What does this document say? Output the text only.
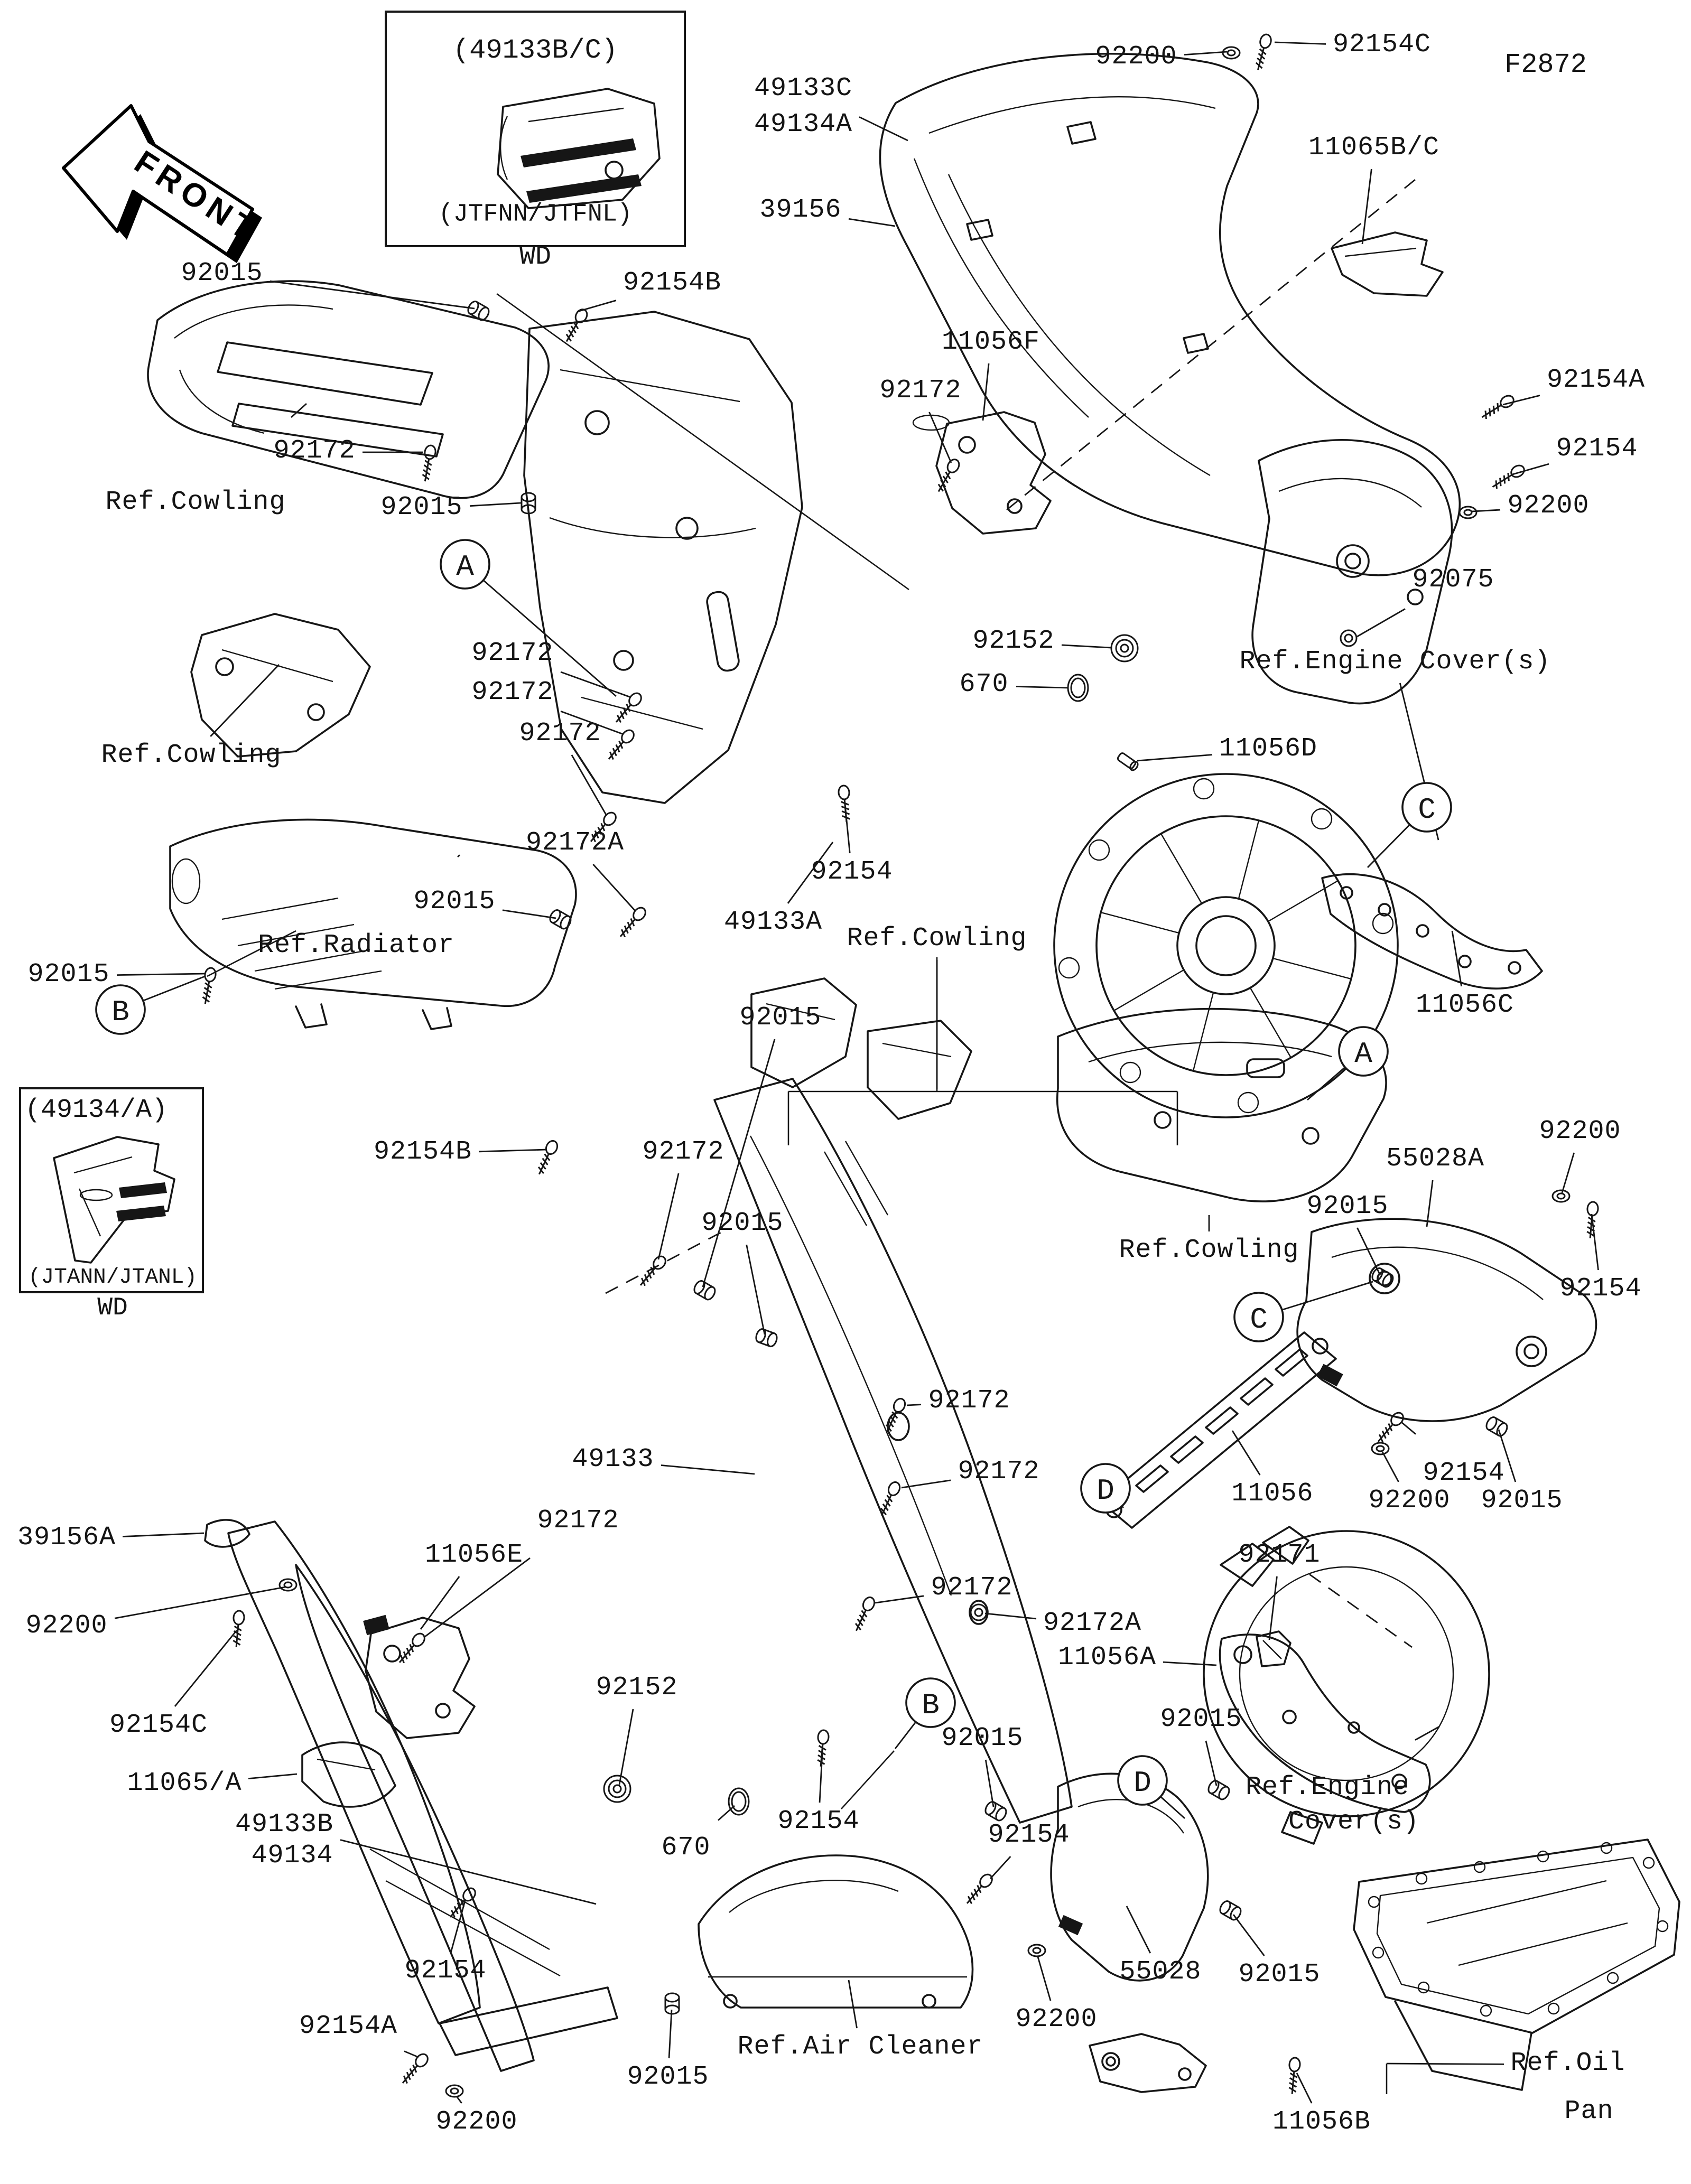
FRONT
A
A
B
B
C
C
D
D
F2872
92015	92154B
49133C
49134A
39156
92200	92154C
11065B/C
11056F
92172	92154A
92154
92200
92172
Ref.Cowling	92015
92152
670
92075
11056D
Ref.Engine Cover(s)
92172
92172
92172
92172A
92015
Ref.Cowling
Ref.Radiator
92015
92154
49133A
Ref.Cowling
11056C
92015
92154B	92172
92015
Ref.Cowling
92200
55028A
92015
92154
92172
49133	92172
11056
92154
92200 92015
39156A
92172
11056E
92172
92171
92200	92172A
11056A
92154C
92152
92015
92015
11065/A	Ref.Engine
Cover(s)
49133B
49134	670
92154	92154
55028 92015
92154
92200
92154A
92015
Ref.Air Cleaner
92200
Ref.Oil
Pan
11056B
(49133B/C)
(JTFNN/JTFNL)
WD
(49134/A)
(JTANN/JTANL)
WD
